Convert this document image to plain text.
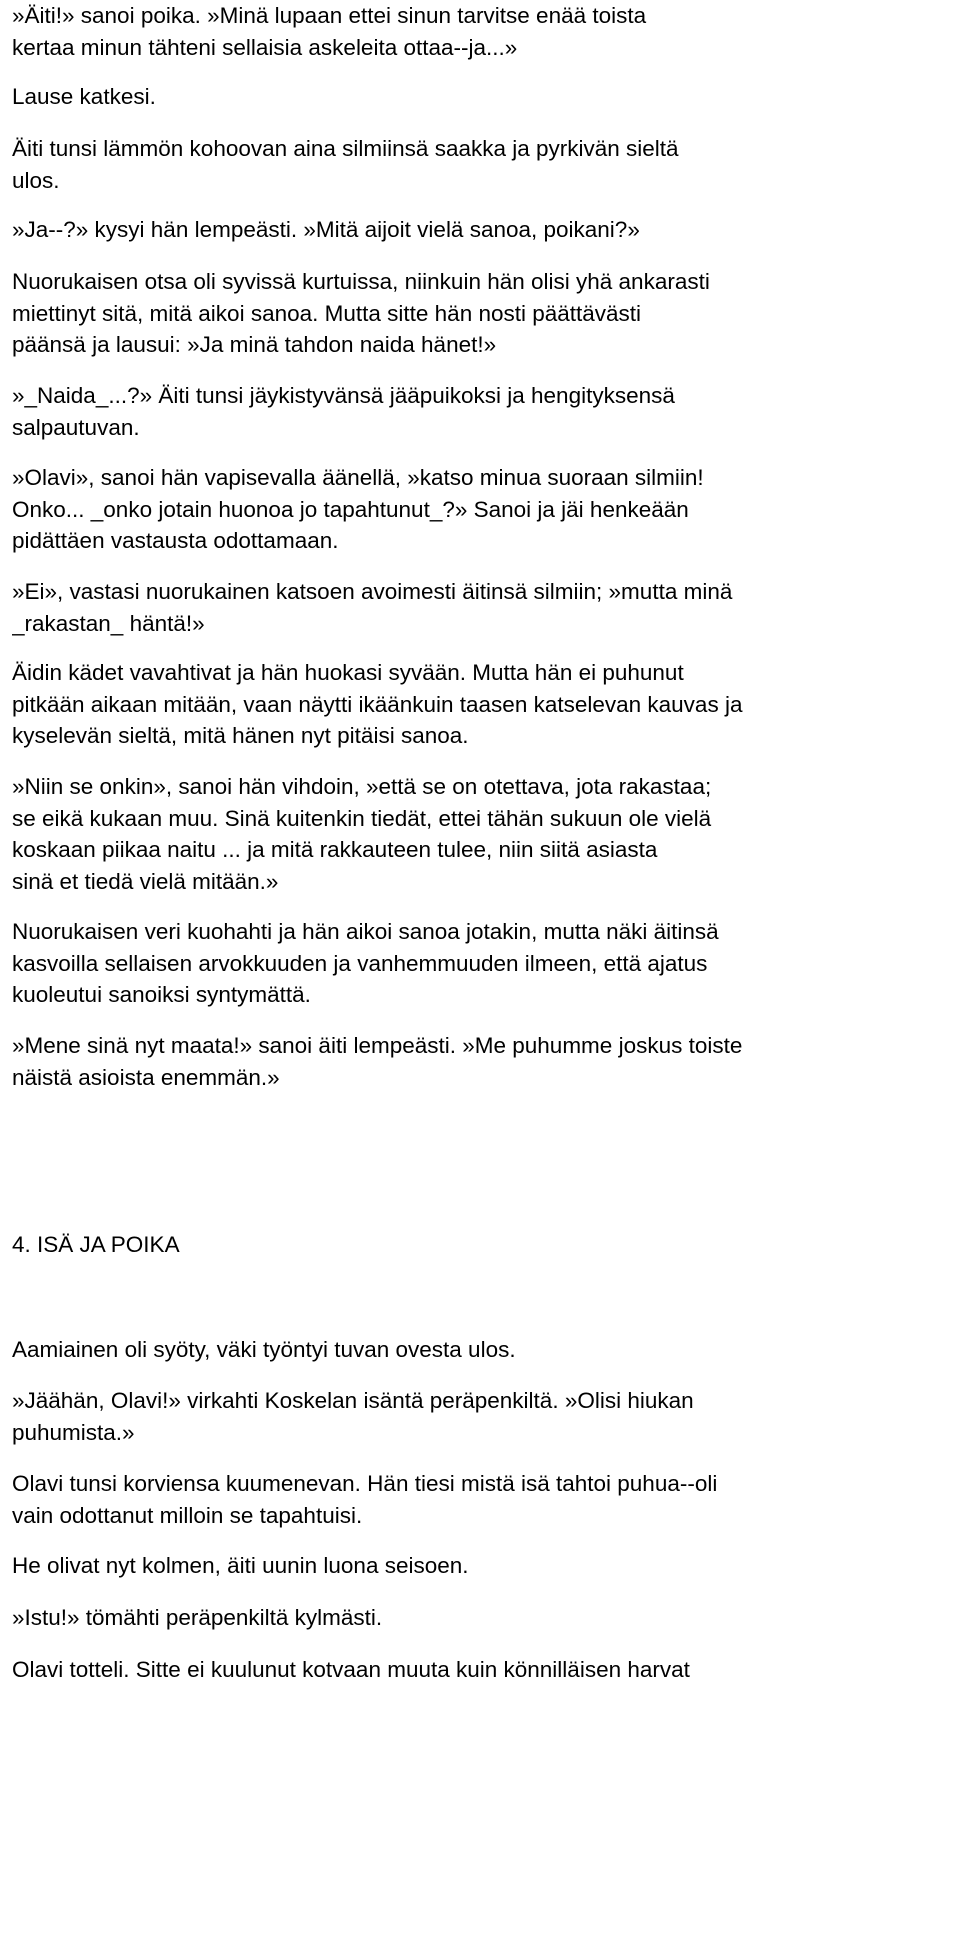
»Äiti!» sanoi poika. »Minä lupaan ettei sinun tarvitse enää toista
kertaa minun tähteni sellaisia askeleita ottaa--ja...»

Lause katkesi.

Äiti tunsi lämmön kohoovan aina silmiinsä saakka ja pyrkivän sieltä
ulos.

»Ja--?» kysyi hän lempeästi. »Mitä aijoit vielä sanoa, poikani?»

Nuorukaisen otsa oli syvissä kurtuissa, niinkuin hän olisi yhä ankarasti
miettinyt sitä, mitä aikoi sanoa. Mutta sitte hän nosti päättävästi
päänsä ja lausui: »Ja minä tahdon naida hänet!»

»_Naida_...?» Äiti tunsi jäykistyvänsä jääpuikoksi ja hengityksensä
salpautuvan.

»Olavi», sanoi hän vapisevalla äänellä, »katso minua suoraan silmiin!
Onko... _onko jotain huonoa jo tapahtunut_?» Sanoi ja jäi henkeään
pidättäen vastausta odottamaan.

»Ei», vastasi nuorukainen katsoen avoimesti äitinsä silmiin; »mutta minä
_rakastan_ häntä!»

Äidin kädet vavahtivat ja hän huokasi syvään. Mutta hän ei puhunut
pitkään aikaan mitään, vaan näytti ikäänkuin taasen katselevan kauvas ja
kyselevän sieltä, mitä hänen nyt pitäisi sanoa.

»Niin se onkin», sanoi hän vihdoin, »että se on otettava, jota rakastaa;
se eikä kukaan muu. Sinä kuitenkin tiedät, ettei tähän sukuun ole vielä
koskaan piikaa naitu ... ja mitä rakkauteen tulee, niin siitä asiasta
sinä et tiedä vielä mitään.»

Nuorukaisen veri kuohahti ja hän aikoi sanoa jotakin, mutta näki äitinsä
kasvoilla sellaisen arvokkuuden ja vanhemmuuden ilmeen, että ajatus
kuoleutui sanoiksi syntymättä.

»Mene sinä nyt maata!» sanoi äiti lempeästi. »Me puhumme joskus toiste
näistä asioista enemmän.»

4. ISÄ JA POIKA

Aamiainen oli syöty, väki työntyi tuvan ovesta ulos.

»Jäähän, Olavi!» virkahti Koskelan isäntä peräpenkiltä. »Olisi hiukan
puhumista.»

Olavi tunsi korviensa kuumenevan. Hän tiesi mistä isä tahtoi puhua--oli
vain odottanut milloin se tapahtuisi.

He olivat nyt kolmen, äiti uunin luona seisoen.

»Istu!» tömähti peräpenkiltä kylmästi.

Olavi totteli. Sitte ei kuulunut kotvaan muuta kuin könnilläisen harvat
